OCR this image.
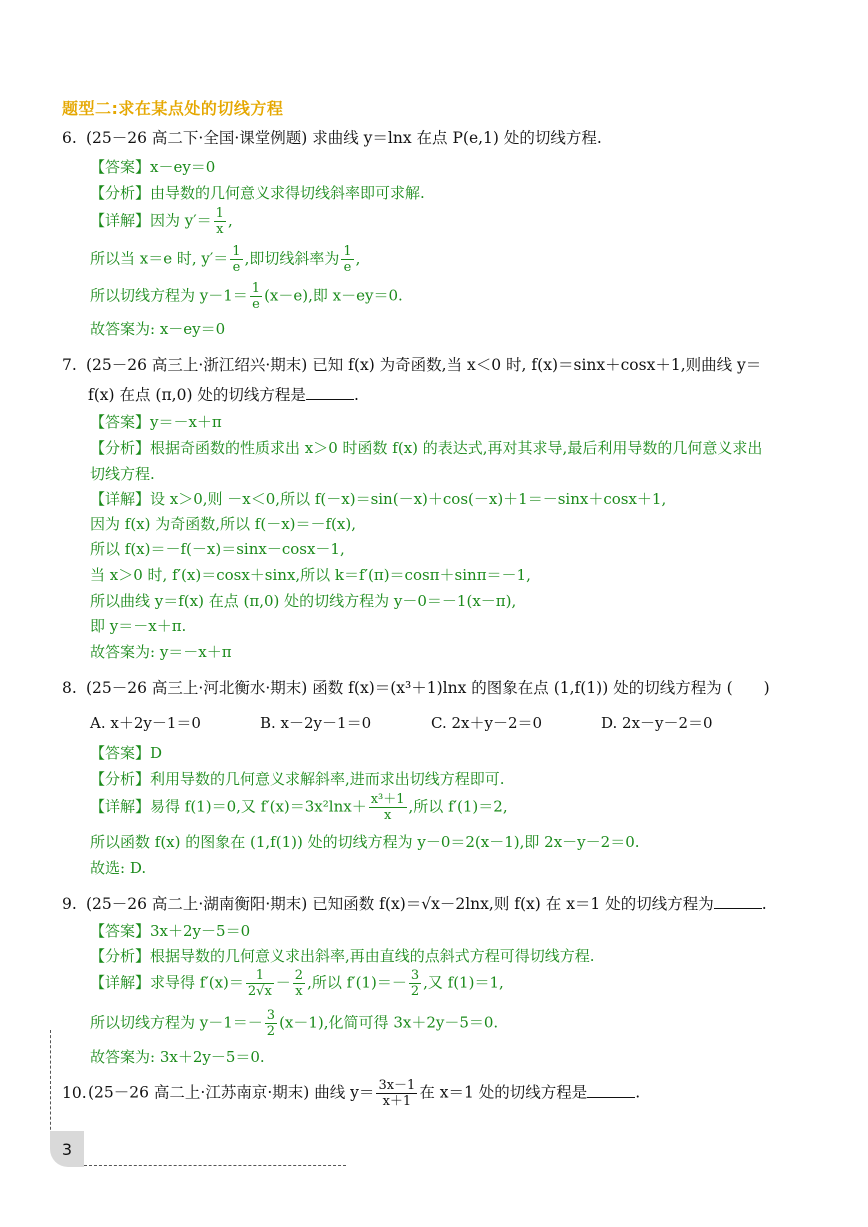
题型二:求在某点处的切线方程
6. (25－26 高二下·全国·课堂例题) 求曲线 y＝lnx 在点 P(e,1) 处的切线方程.
【答案】x－ey＝0
【分析】由导数的几何意义求得切线斜率即可求解.
【详解】因为 $y'= \frac{1}{x}$ ,
所以当 x＝e 时, $y'= \frac{1}{e}$ ,即切线斜率为 $\frac{1}{e}$ ,
所以切线方程为 $y-1= \frac{1}{e} (x-e)$,即 x－ey＝0.
故答案为: x－ey＝0
7. (25－26 高三上·浙江绍兴·期末) 已知 f(x) 为奇函数,当 x＜0 时, f(x)＝sinx＋cosx＋1,则曲线 y＝
f(x) 在点 (π,0) 处的切线方程是	.
【答案】y＝－x＋π
【分析】根据奇函数的性质求出 x＞0 时函数 f(x) 的表达式,再对其求导,最后利用导数的几何意义求出
切线方程.
【详解】设 x＞0,则 －x＜0,所以 f(－x)＝sin(－x)＋cos(－x)＋1＝－sinx＋cosx＋1,
因为 f(x) 为奇函数,所以 f(－x)＝－f(x),
所以 f(x)＝－f(－x)＝sinx－cosx－1,
当 x＞0 时, f′(x)＝cosx＋sinx,所以 k＝f′(π)＝cosπ＋sinπ＝－1,
所以曲线 y＝f(x) 在点 (π,0) 处的切线方程为 y－0＝－1(x－π),
即 y＝－x＋π.
故答案为: y＝－x＋π
8. (25－26 高三上·河北衡水·期末) 函数 f(x)＝(x³＋1)lnx 的图象在点 (1,f(1)) 处的切线方程为 (　　)
A. x＋2y－1＝0	B. x－2y－1＝0	C. 2x＋y－2＝0	D. 2x－y－2＝0
【答案】D
【分析】利用导数的几何意义求解斜率,进而求出切线方程即可.
【详解】易得 f(1)＝0,又 $f'(x)=3x^2\ln x+ \frac{\text{x³＋1}}{x}$ ,所以 f′(1)＝2,
所以函数 f(x) 的图象在 (1,f(1)) 处的切线方程为 y－0＝2(x－1),即 2x－y－2＝0.
故选: D.
9. (25－26 高二上·湖南衡阳·期末) 已知函数 f(x)＝√x－2lnx,则 f(x) 在 x＝1 处的切线方程为	.
【答案】3x＋2y－5＝0
【分析】根据导数的几何意义求出斜率,再由直线的点斜式方程可得切线方程.
【详解】求导得 $f'(x)= \frac{1}{2√x} - \frac{2}{x}$ ,所以 $f'(1)=- \frac{3}{2}$ ,又 f(1)＝1,
所以切线方程为 $y-1=- \frac{3}{2} (x-1)$,化简可得 3x＋2y－5＝0.
故答案为: 3x＋2y－5＝0.
10.(25－26 高二上·江苏南京·期末) 曲线 $y= \frac{3x-1}{x+1}$ 在 x＝1 处的切线方程是	.
3
